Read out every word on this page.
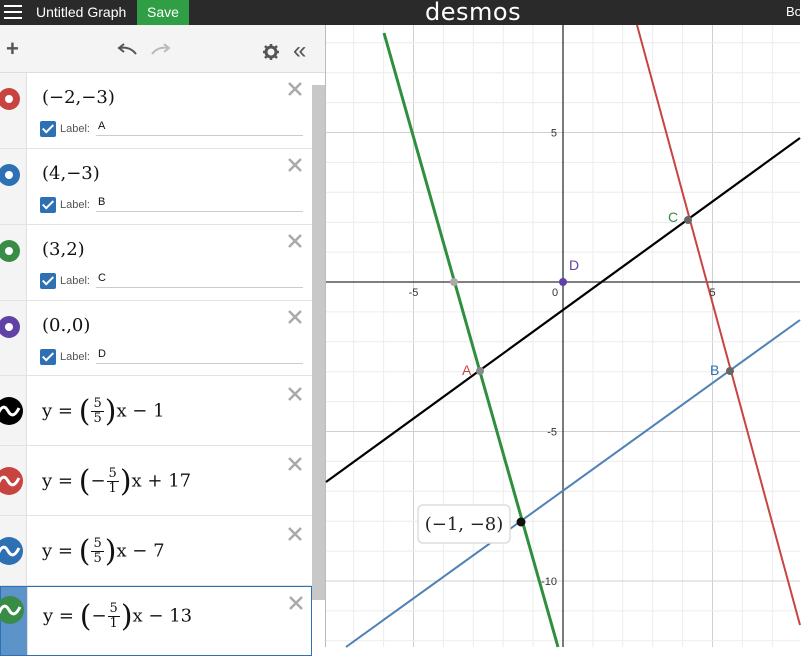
Untitled Graph	Save	desmos	Bo
+	«
(−2,−3)
Label: A
(4,−3)
Label: B
(3,2)
Label: C
(0.,0)
Label: D
y = ( $\frac{5}{5} )x - 1$
y = (− $\frac{5}{1} )x + 17$
y = ( $\frac{5}{5} )x - 7$
y = (− $\frac{5}{1} )x - 13$
A	B
C
D
-5	0	5
5
-5
-10
(−1, −8)
